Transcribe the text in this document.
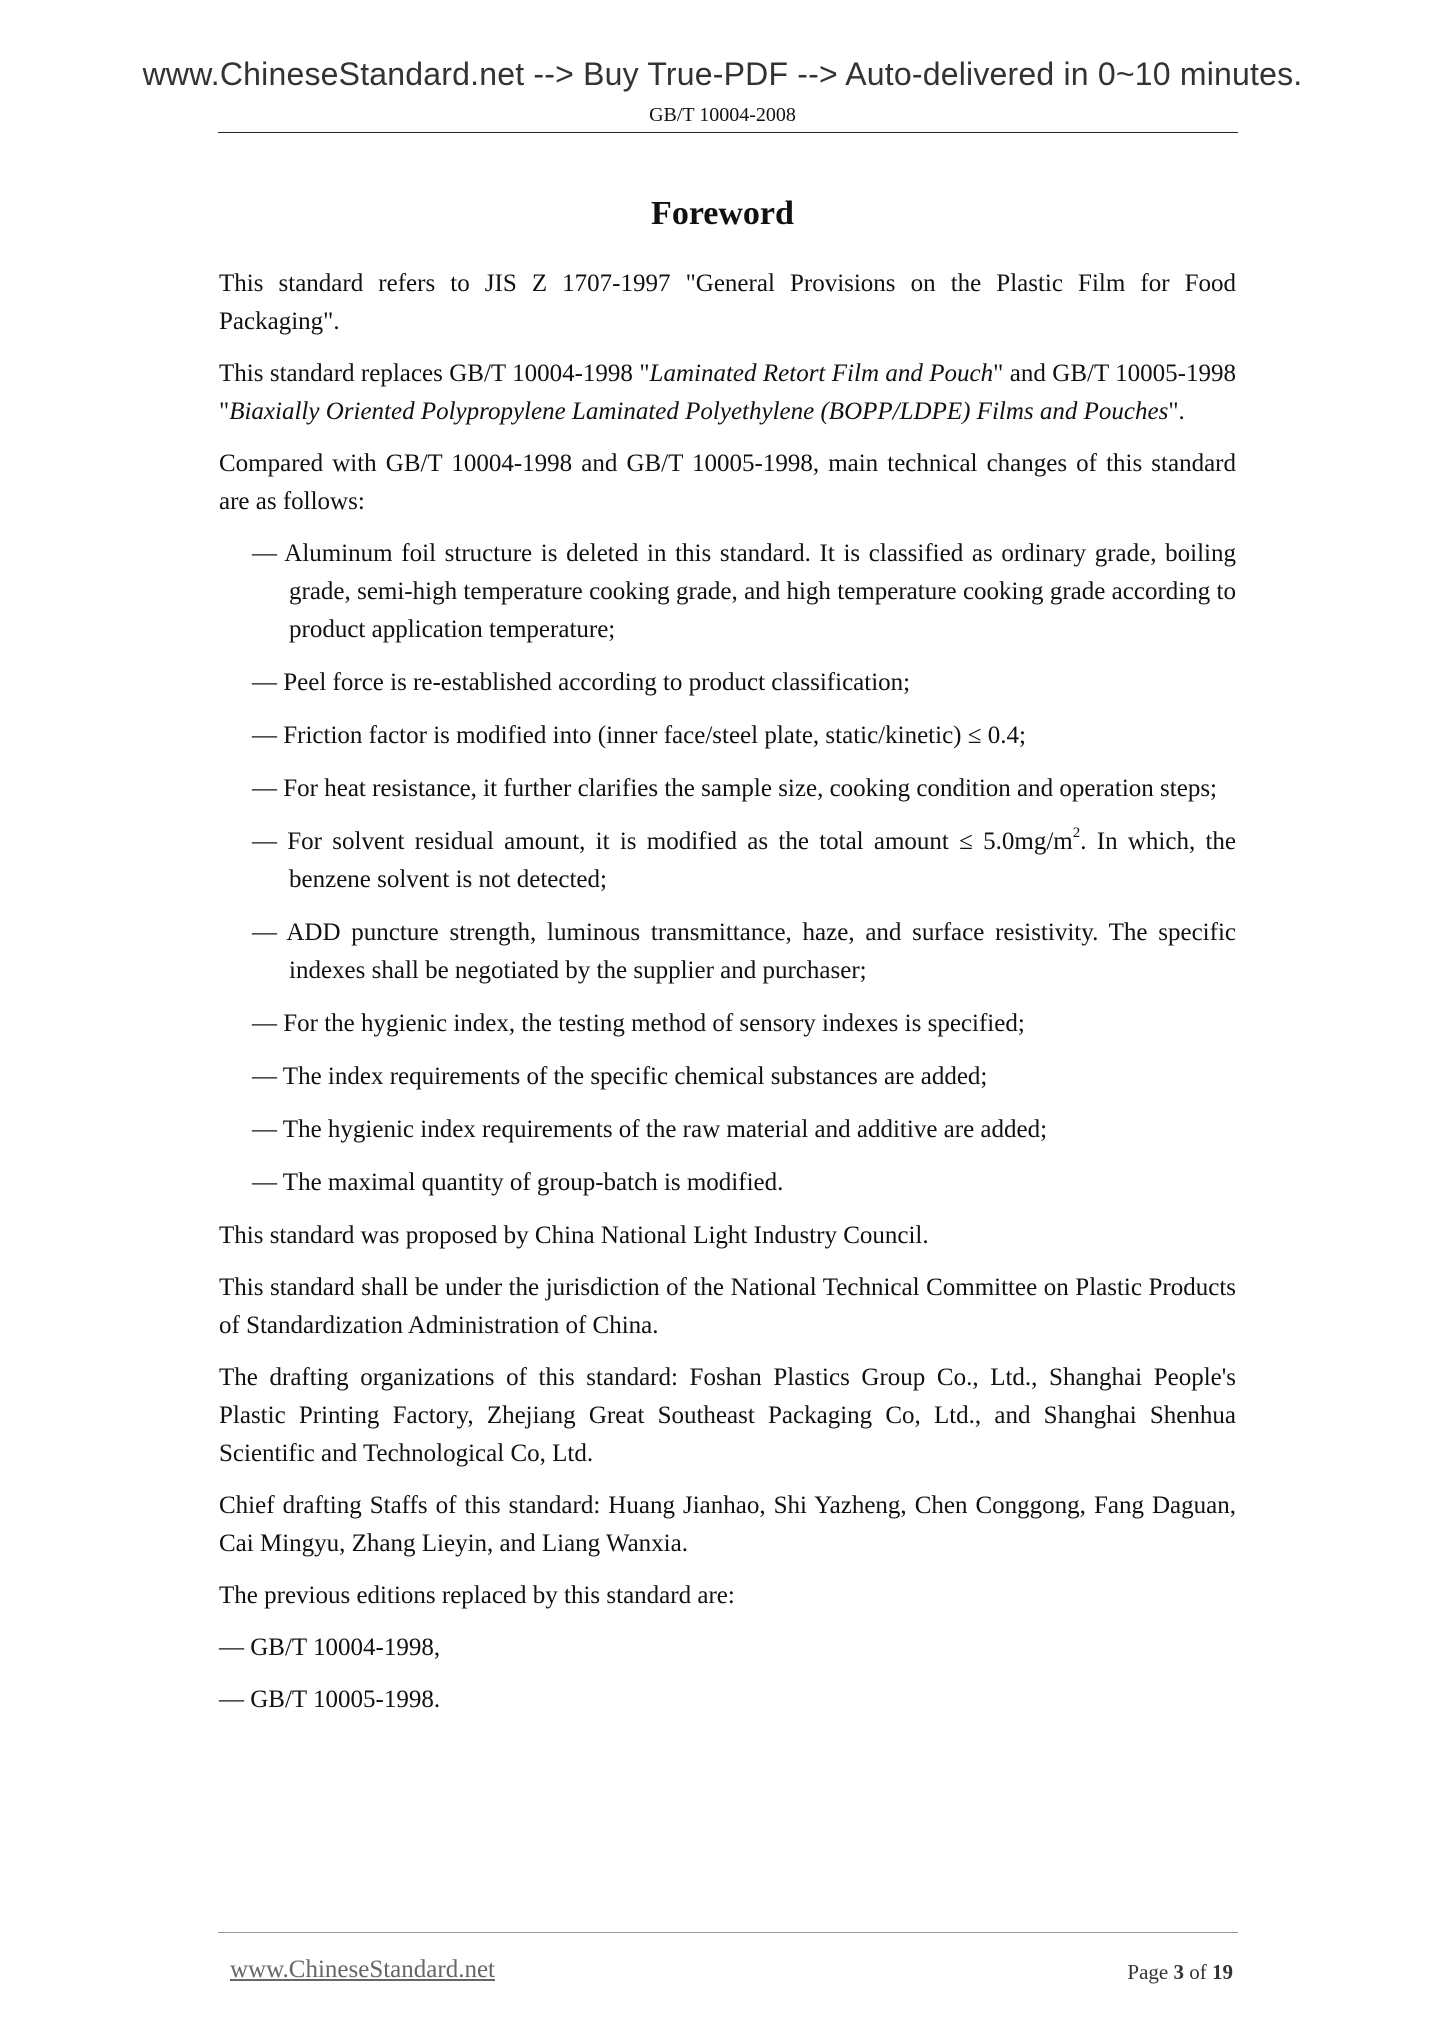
www.ChineseStandard.net --> Buy True-PDF --> Auto-delivered in 0~10 minutes.
GB/T 10004-2008
Foreword

This standard refers to JIS Z 1707-1997 "General Provisions on the Plastic Film for Food Packaging".

This standard replaces GB/T 10004-1998 "Laminated Retort Film and Pouch" and GB/T 10005-1998 "Biaxially Oriented Polypropylene Laminated Polyethylene (BOPP/LDPE) Films and Pouches".

Compared with GB/T 10004-1998 and GB/T 10005-1998, main technical changes of this standard are as follows:

— Aluminum foil structure is deleted in this standard. It is classified as ordinary grade, boiling grade, semi-high temperature cooking grade, and high temperature cooking grade according to product application temperature;
— Peel force is re-established according to product classification;
— Friction factor is modified into (inner face/steel plate, static/kinetic) ≤ 0.4;
— For heat resistance, it further clarifies the sample size, cooking condition and operation steps;
— For solvent residual amount, it is modified as the total amount ≤ $5.0mg/m^2$. In which, the benzene solvent is not detected;
— ADD puncture strength, luminous transmittance, haze, and surface resistivity. The specific indexes shall be negotiated by the supplier and purchaser;
— For the hygienic index, the testing method of sensory indexes is specified;
— The index requirements of the specific chemical substances are added;
— The hygienic index requirements of the raw material and additive are added;
— The maximal quantity of group-batch is modified.

This standard was proposed by China National Light Industry Council.

This standard shall be under the jurisdiction of the National Technical Committee on Plastic Products of Standardization Administration of China.

The drafting organizations of this standard: Foshan Plastics Group Co., Ltd., Shanghai People's Plastic Printing Factory, Zhejiang Great Southeast Packaging Co, Ltd., and Shanghai Shenhua Scientific and Technological Co, Ltd.

Chief drafting Staffs of this standard: Huang Jianhao, Shi Yazheng, Chen Conggong, Fang Daguan, Cai Mingyu, Zhang Lieyin, and Liang Wanxia.

The previous editions replaced by this standard are:

— GB/T 10004-1998,
— GB/T 10005-1998.
www.ChineseStandard.net	Page 3 of 19
